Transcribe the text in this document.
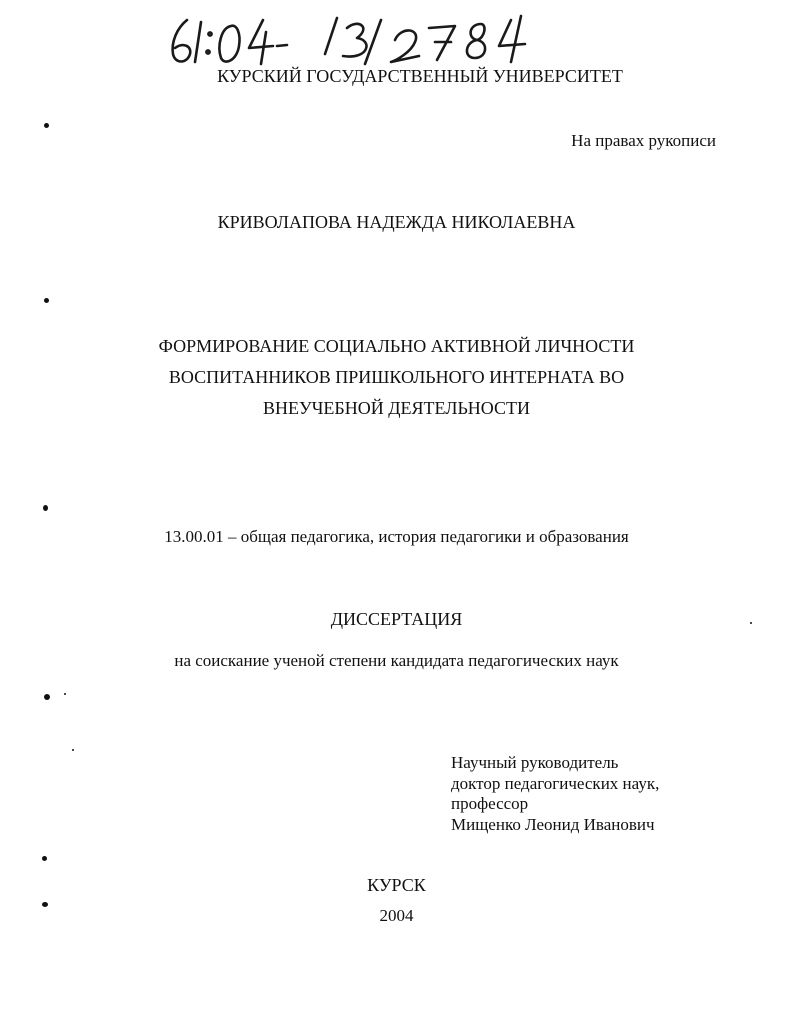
КУРСКИЙ ГОСУДАРСТВЕННЫЙ УНИВЕРСИТЕТ
На правах рукописи
КРИВОЛАПОВА НАДЕЖДА НИКОЛАЕВНА
ФОРМИРОВАНИЕ СОЦИАЛЬНО АКТИВНОЙ ЛИЧНОСТИ
ВОСПИТАННИКОВ ПРИШКОЛЬНОГО ИНТЕРНАТА ВО
ВНЕУЧЕБНОЙ ДЕЯТЕЛЬНОСТИ
13.00.01 – общая педагогика, история педагогики и образования
ДИССЕРТАЦИЯ
на соискание ученой степени кандидата педагогических наук
Научный руководитель
доктор педагогических наук,
профессор
Мищенко Леонид Иванович
КУРСК
2004
